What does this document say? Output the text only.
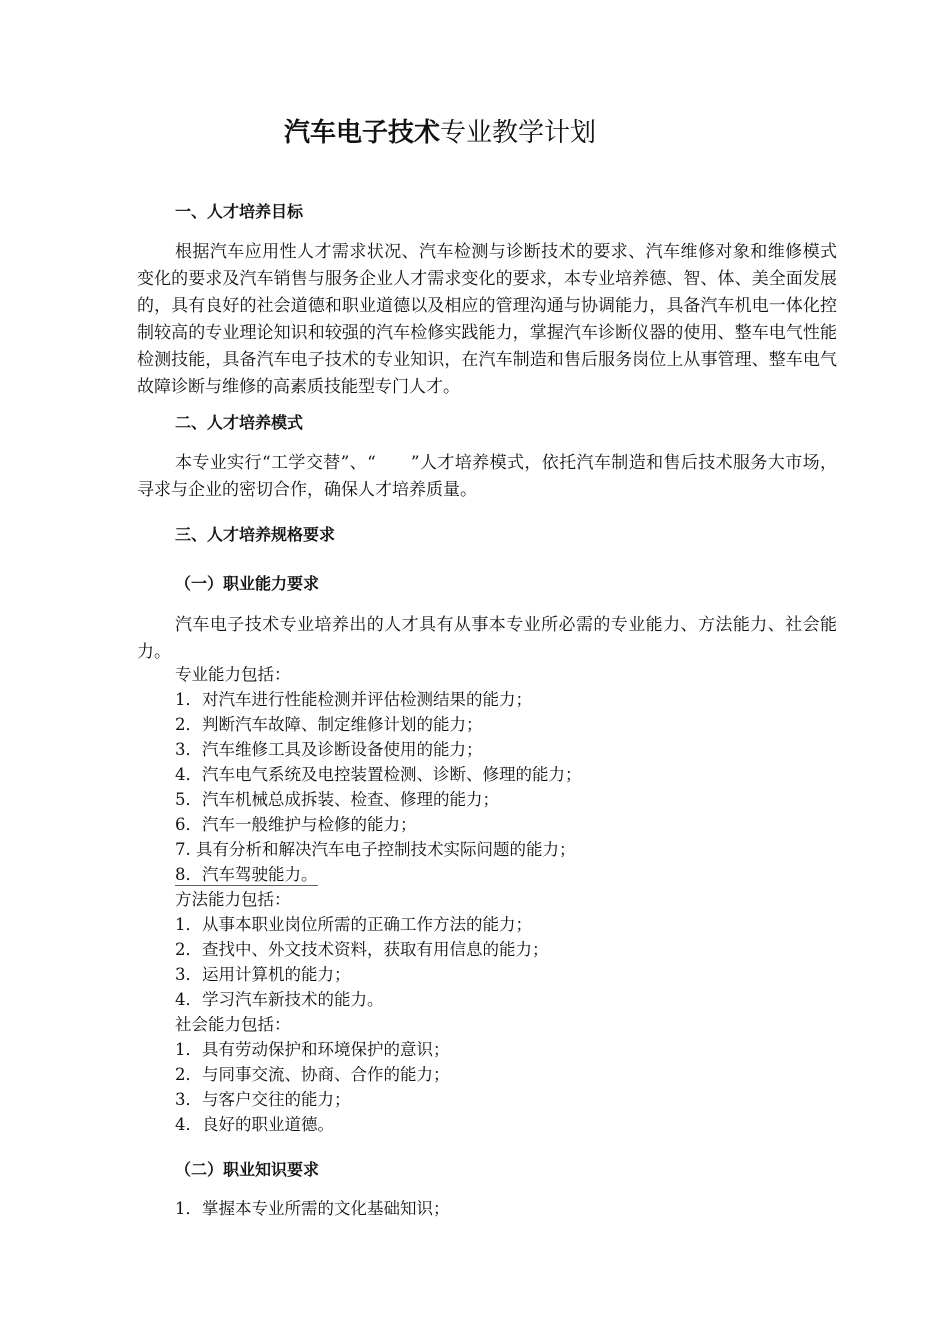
汽车电子技术专业教学计划
一、人才培养目标

根据汽车应用性人才需求状况、汽车检测与诊断技术的要求、汽车维修对象和维修模式变化的要求及汽车销售与服务企业人才需求变化的要求，本专业培养德、智、体、美全面发展的，具有良好的社会道德和职业道德以及相应的管理沟通与协调能力，具备汽车机电一体化控制较高的专业理论知识和较强的汽车检修实践能力，掌握汽车诊断仪器的使用、整车电气性能检测技能，具备汽车电子技术的专业知识，在汽车制造和售后服务岗位上从事管理、整车电气故障诊断与维修的高素质技能型专门人才。

二、人才培养模式

本专业实行“工学交替”、“　　”人才培养模式，依托汽车制造和售后技术服务大市场，寻求与企业的密切合作，确保人才培养质量。

三、人才培养规格要求
（一）职业能力要求

汽车电子技术专业培养出的人才具有从事本专业所必需的专业能力、方法能力、社会能力。

专业能力包括：
1．对汽车进行性能检测并评估检测结果的能力；
2．判断汽车故障、制定维修计划的能力；
3．汽车维修工具及诊断设备使用的能力；
4．汽车电气系统及电控装置检测、诊断、修理的能力；
5．汽车机械总成拆装、检查、修理的能力；
6．汽车一般维护与检修的能力；
7. 具有分析和解决汽车电子控制技术实际问题的能力；
8．汽车驾驶能力。
方法能力包括：
1．从事本职业岗位所需的正确工作方法的能力；
2．查找中、外文技术资料，获取有用信息的能力；
3．运用计算机的能力；
4．学习汽车新技术的能力。
社会能力包括：
1．具有劳动保护和环境保护的意识；
2．与同事交流、协商、合作的能力；
3．与客户交往的能力；
4．良好的职业道德。
（二）职业知识要求
1．掌握本专业所需的文化基础知识；
